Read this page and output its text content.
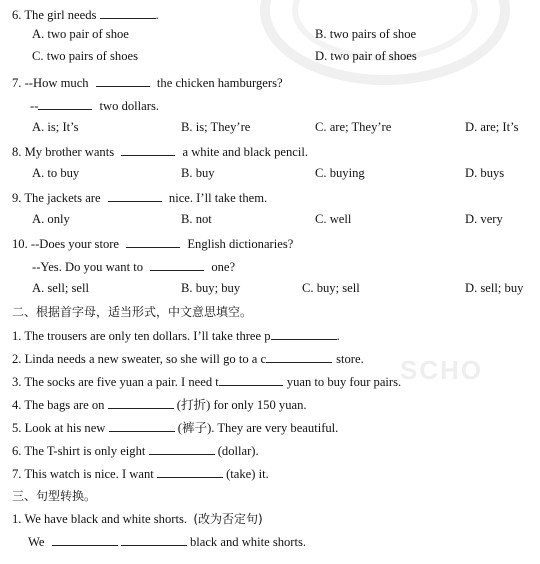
SCHO
6. The girl needs	.
A. two pair of shoe	B. two pairs of shoe
C. two pairs of shoes	D. two pair of shoes
7. --How much	the chicken hamburgers?
--	two dollars.
A. is; It’s	B. is; They’re	C. are; They’re	D. are; It’s
8. My brother wants	a white and black pencil.
A. to buy	B. buy	C. buying	D. buys
9. The jackets are	nice. I’ll take them.
A. only	B. not	C. well	D. very
10. --Does your store	English dictionaries?
--Yes. Do you want to	one?
A. sell; sell	B. buy; buy	C. buy; sell	D. sell; buy
二、根据首字母，适当形式，中文意思填空。
1. The trousers are only ten dollars. I’ll take three p	.
2. Linda needs a new sweater, so she will go to a c	store.
3. The socks are five yuan a pair. I need t	yuan to buy four pairs.
4. The bags are on	(打折) for only 150 yuan.
5. Look at his new	(裤子). They are very beautiful.
6. The T-shirt is only eight	(dollar).
7. This watch is nice. I want	(take) it.
三、句型转换。
1. We have black and white shorts. (改为否定句)
We	black and white shorts.
